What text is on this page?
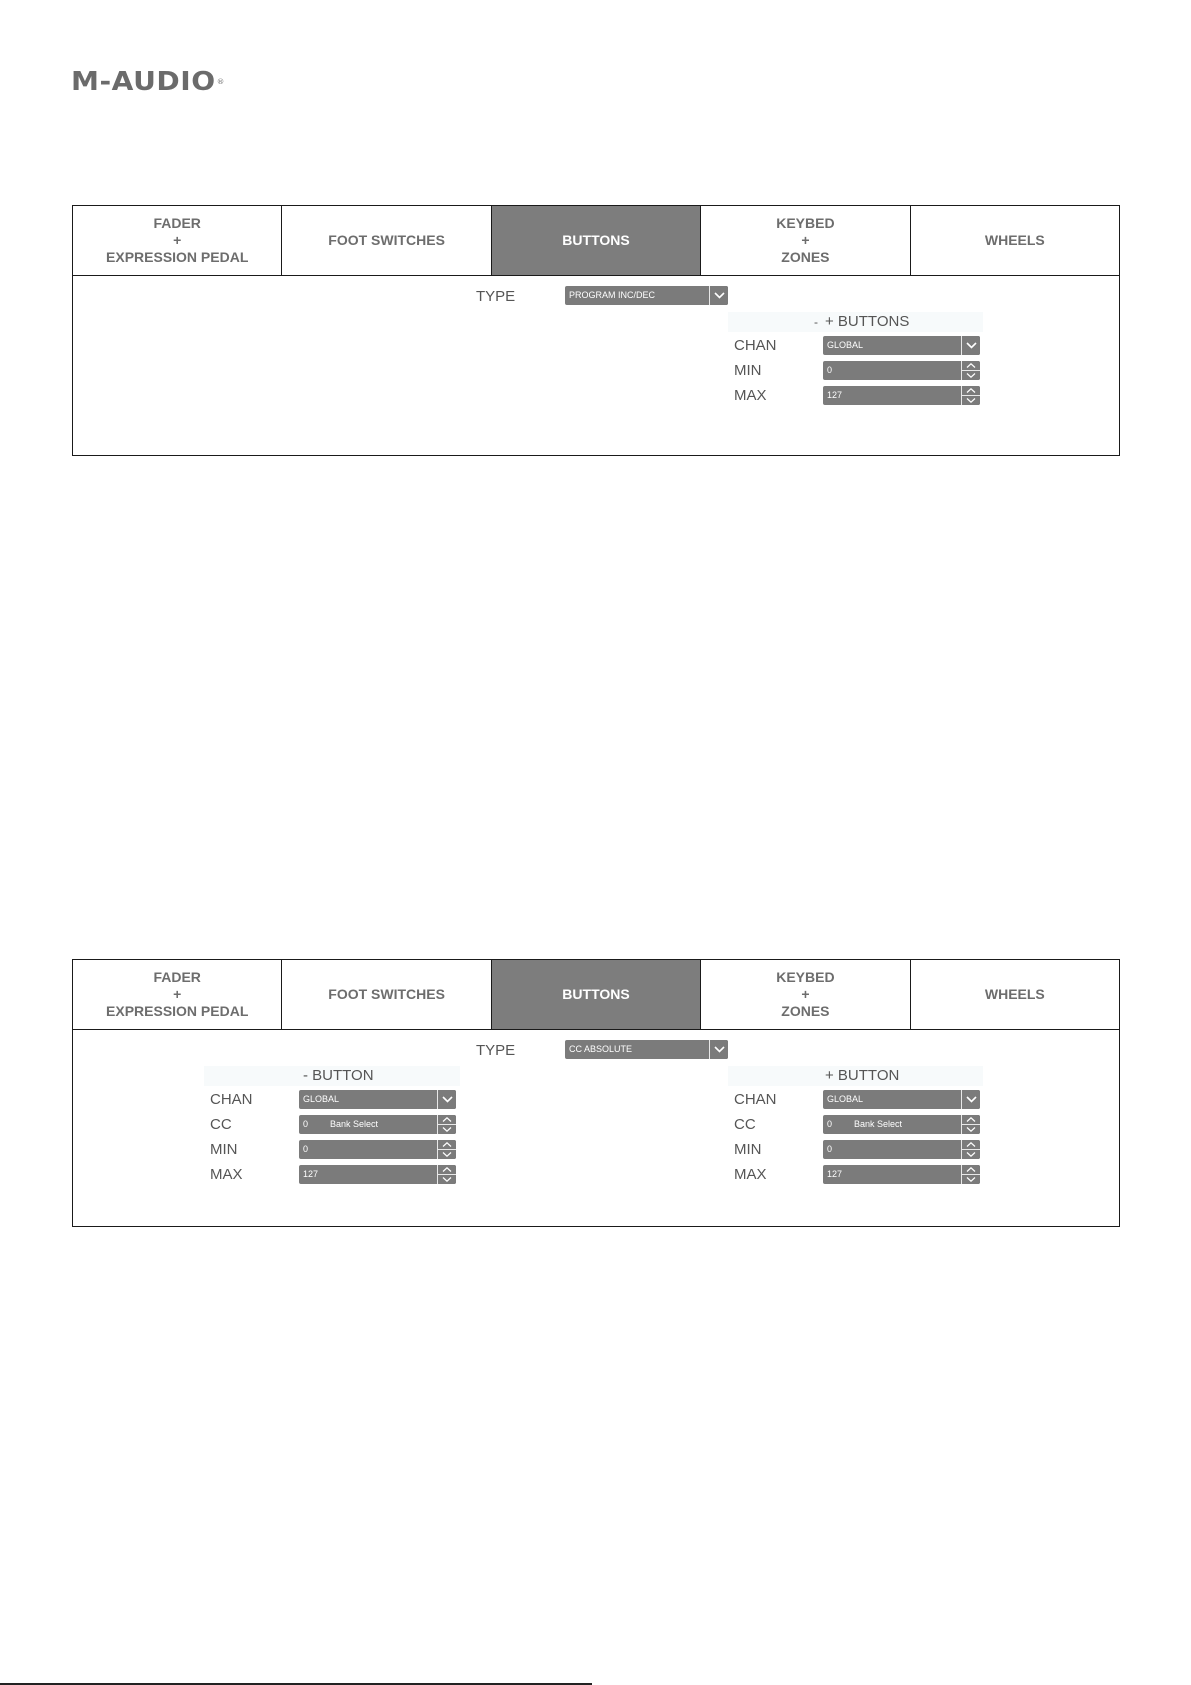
M-AUDIO®
FADER
+
EXPRESSION PEDAL
FOOT SWITCHES	BUTTONS
KEYBED
+
ZONES
WHEELS
TYPE	PROGRAM INC/DEC
- + BUTTONS
CHAN	GLOBAL
MIN	0
MAX	127
FADER
+
EXPRESSION PEDAL
FOOT SWITCHES	BUTTONS
KEYBED
+
ZONES
WHEELS
TYPE	CC ABSOLUTE
- BUTTON
CHAN	GLOBAL
CC	0 Bank Select
MIN	0
MAX	127
+ BUTTON
CHAN	GLOBAL
CC	0 Bank Select
MIN	0
MAX	127
